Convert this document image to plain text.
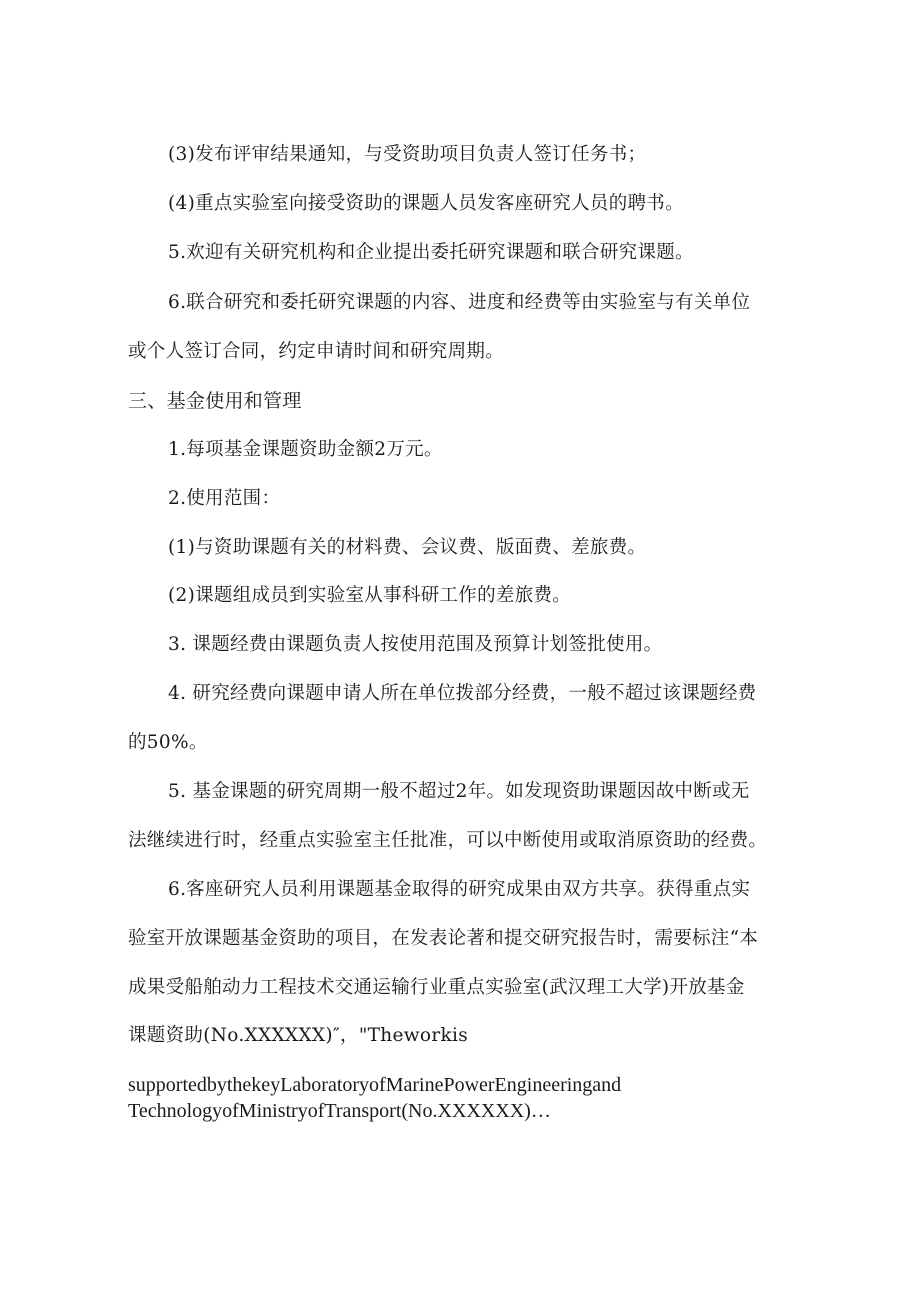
(3)发布评审结果通知，与受资助项目负责人签订任务书；
(4)重点实验室向接受资助的课题人员发客座研究人员的聘书。
5.欢迎有关研究机构和企业提出委托研究课题和联合研究课题。
6.联合研究和委托研究课题的内容、进度和经费等由实验室与有关单位
或个人签订合同，约定申请时间和研究周期。
三、基金使用和管理
1.每项基金课题资助金额2万元。
2.使用范围：
(1)与资助课题有关的材料费、会议费、版面费、差旅费。
(2)课题组成员到实验室从事科研工作的差旅费。
3. 课题经费由课题负责人按使用范围及预算计划签批使用。
4. 研究经费向课题申请人所在单位拨部分经费，一般不超过该课题经费
的50%。
5. 基金课题的研究周期一般不超过2年。如发现资助课题因故中断或无
法继续进行时，经重点实验室主任批准，可以中断使用或取消原资助的经费。
6.客座研究人员利用课题基金取得的研究成果由双方共享。获得重点实
验室开放课题基金资助的项目，在发表论著和提交研究报告时，需要标注“本
成果受船舶动力工程技术交通运输行业重点实验室(武汉理工大学)开放基金
课题资助(No.XXXXXX)″，"Theworkis
supportedbythekeyLaboratoryofMarinePowerEngineeringand
TechnologyofMinistryofTransport(No.XXXXXX)…
